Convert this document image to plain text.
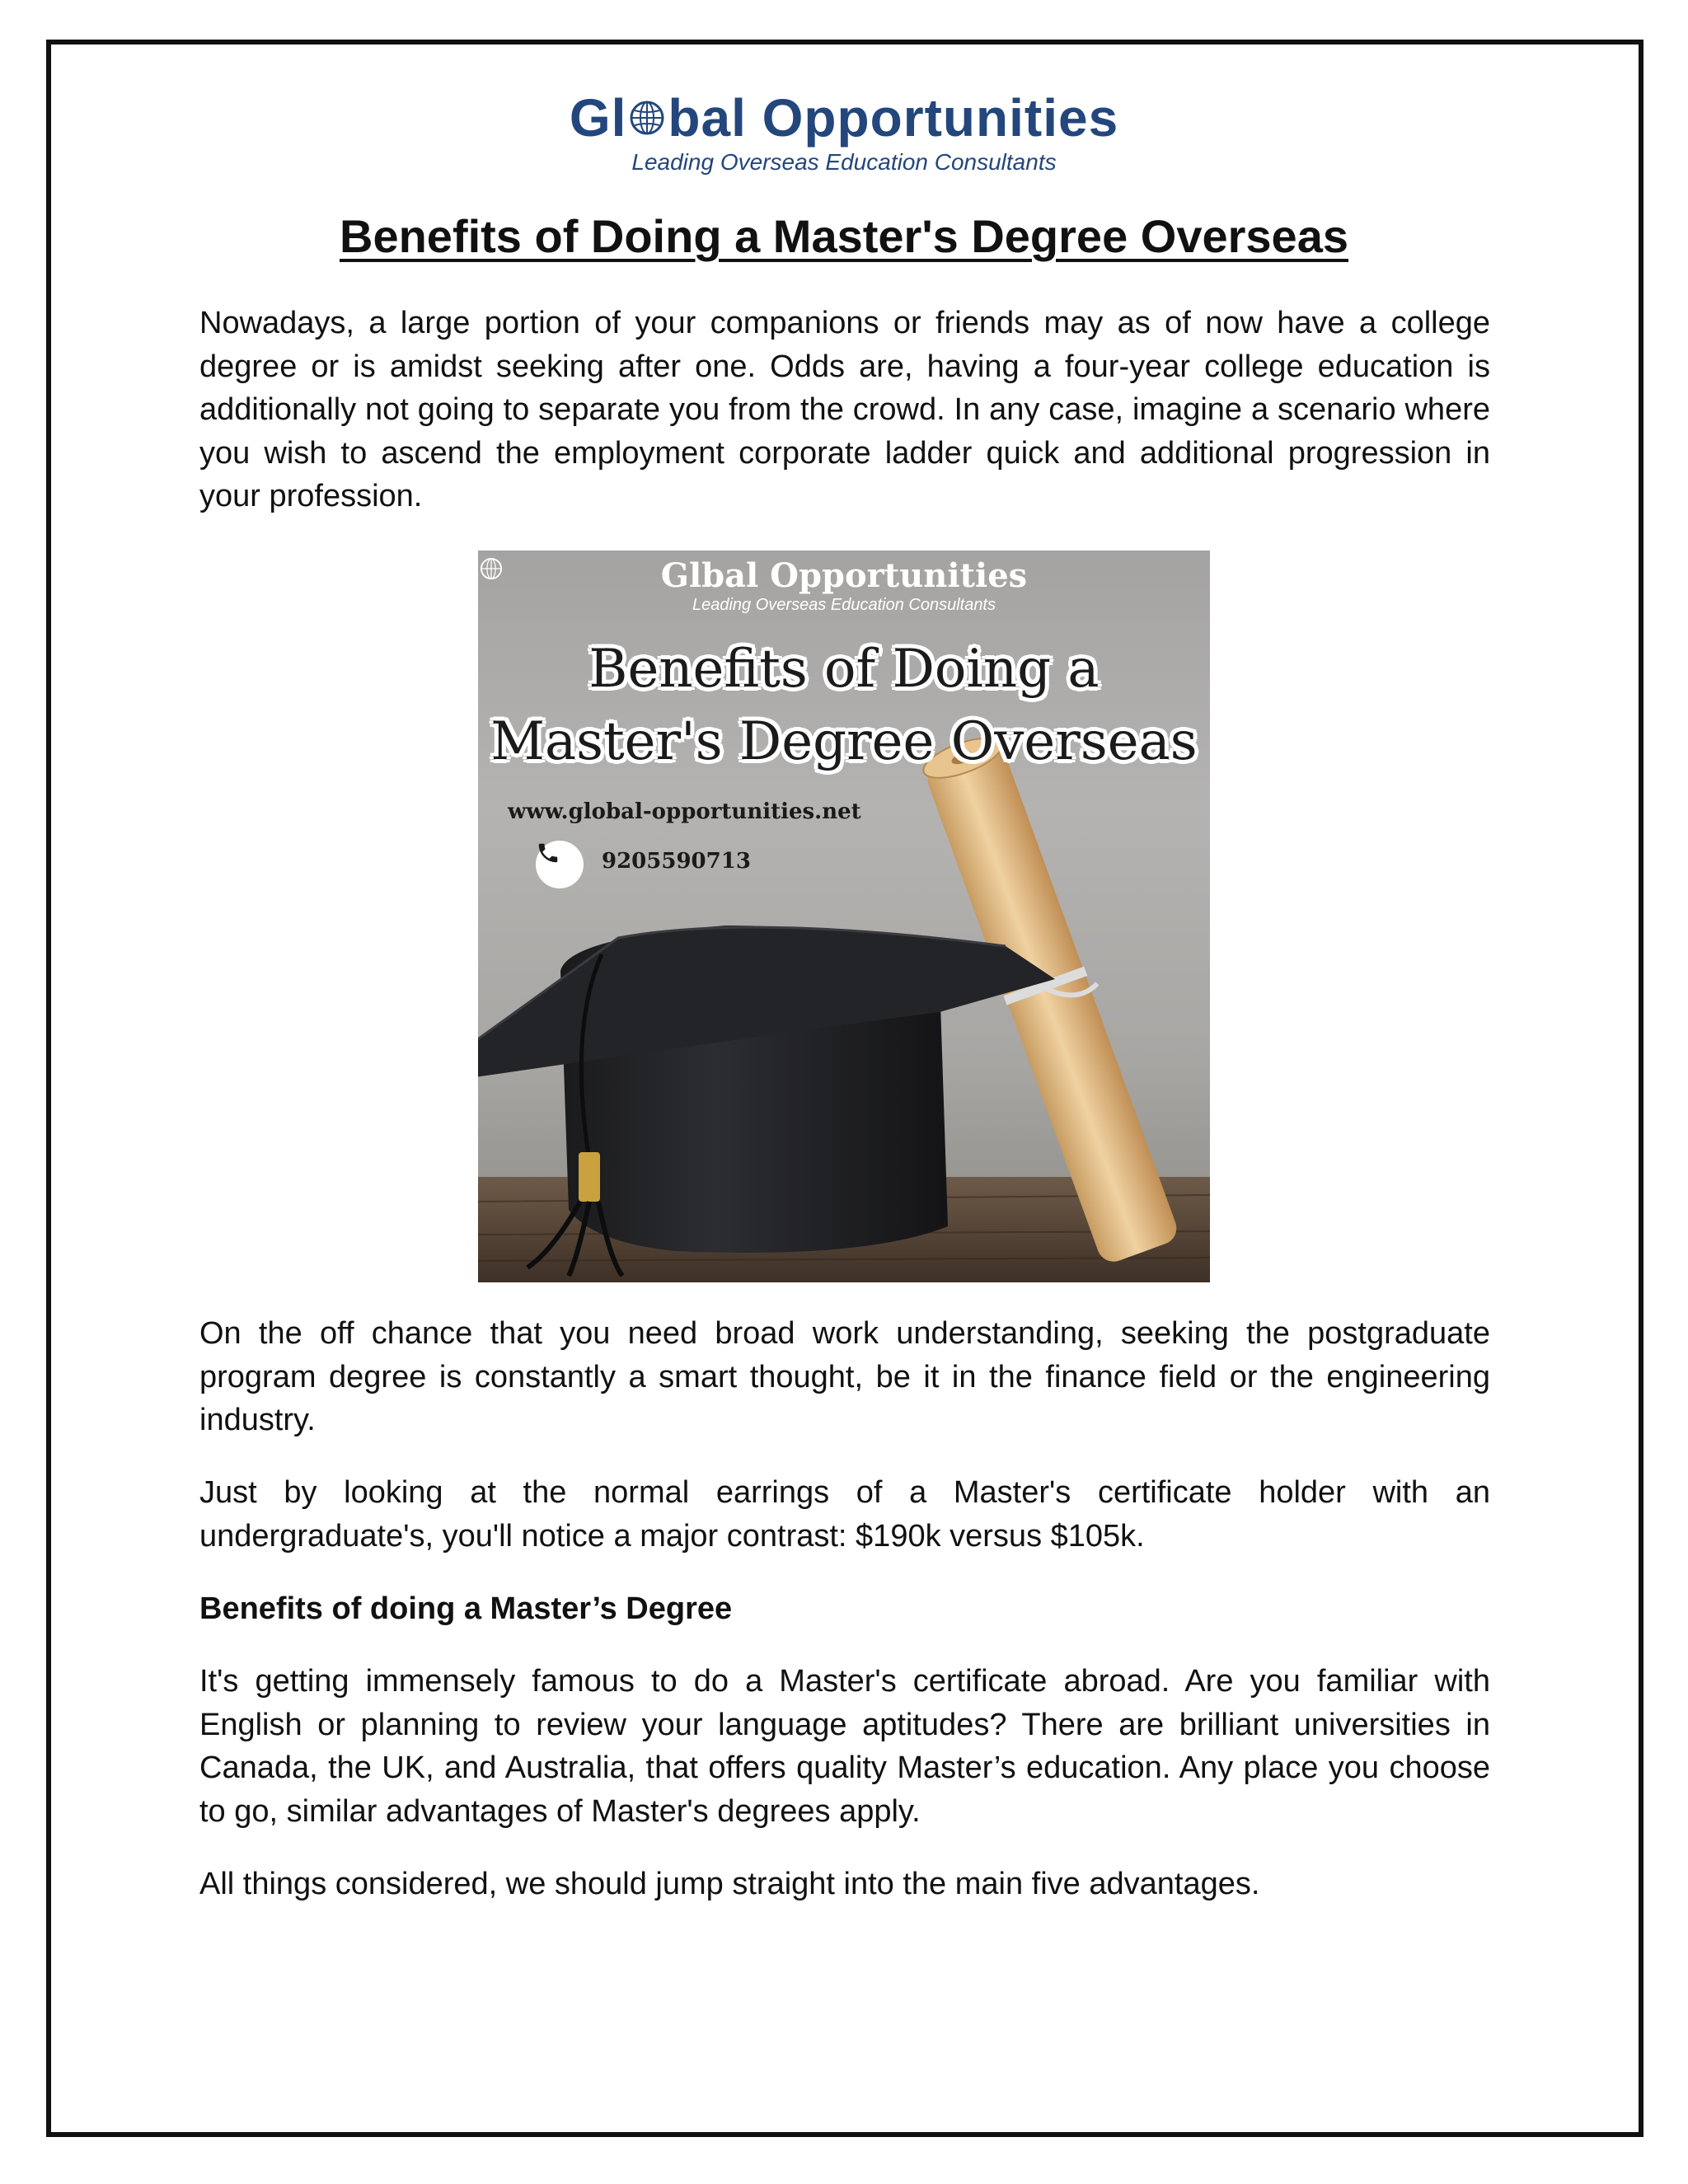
Gl bal Opportunities
Leading Overseas Education Consultants
Benefits of Doing a Master's Degree Overseas

Nowadays, a large portion of your companions or friends may as of now have a college degree or is amidst seeking after one. Odds are, having a four-year college education is additionally not going to separate you from the crowd. In any case, imagine a scenario where you wish to ascend the employment corporate ladder quick and additional progression in your profession.

Gl bal Opportunities
Leading Overseas Education Consultants
Benefits of Doing a
Master's Degree Overseas
www.global-opportunities.net
9205590713

On the off chance that you need broad work understanding, seeking the postgraduate program degree is constantly a smart thought, be it in the finance field or the engineering industry.

Just by looking at the normal earrings of a Master's certificate holder with an undergraduate's, you'll notice a major contrast: $190k versus $105k.

Benefits of doing a Master’s Degree

It's getting immensely famous to do a Master's certificate abroad. Are you familiar with English or planning to review your language aptitudes? There are brilliant universities in Canada, the UK, and Australia, that offers quality Master’s education. Any place you choose to go, similar advantages of Master's degrees apply.

All things considered, we should jump straight into the main five advantages.
